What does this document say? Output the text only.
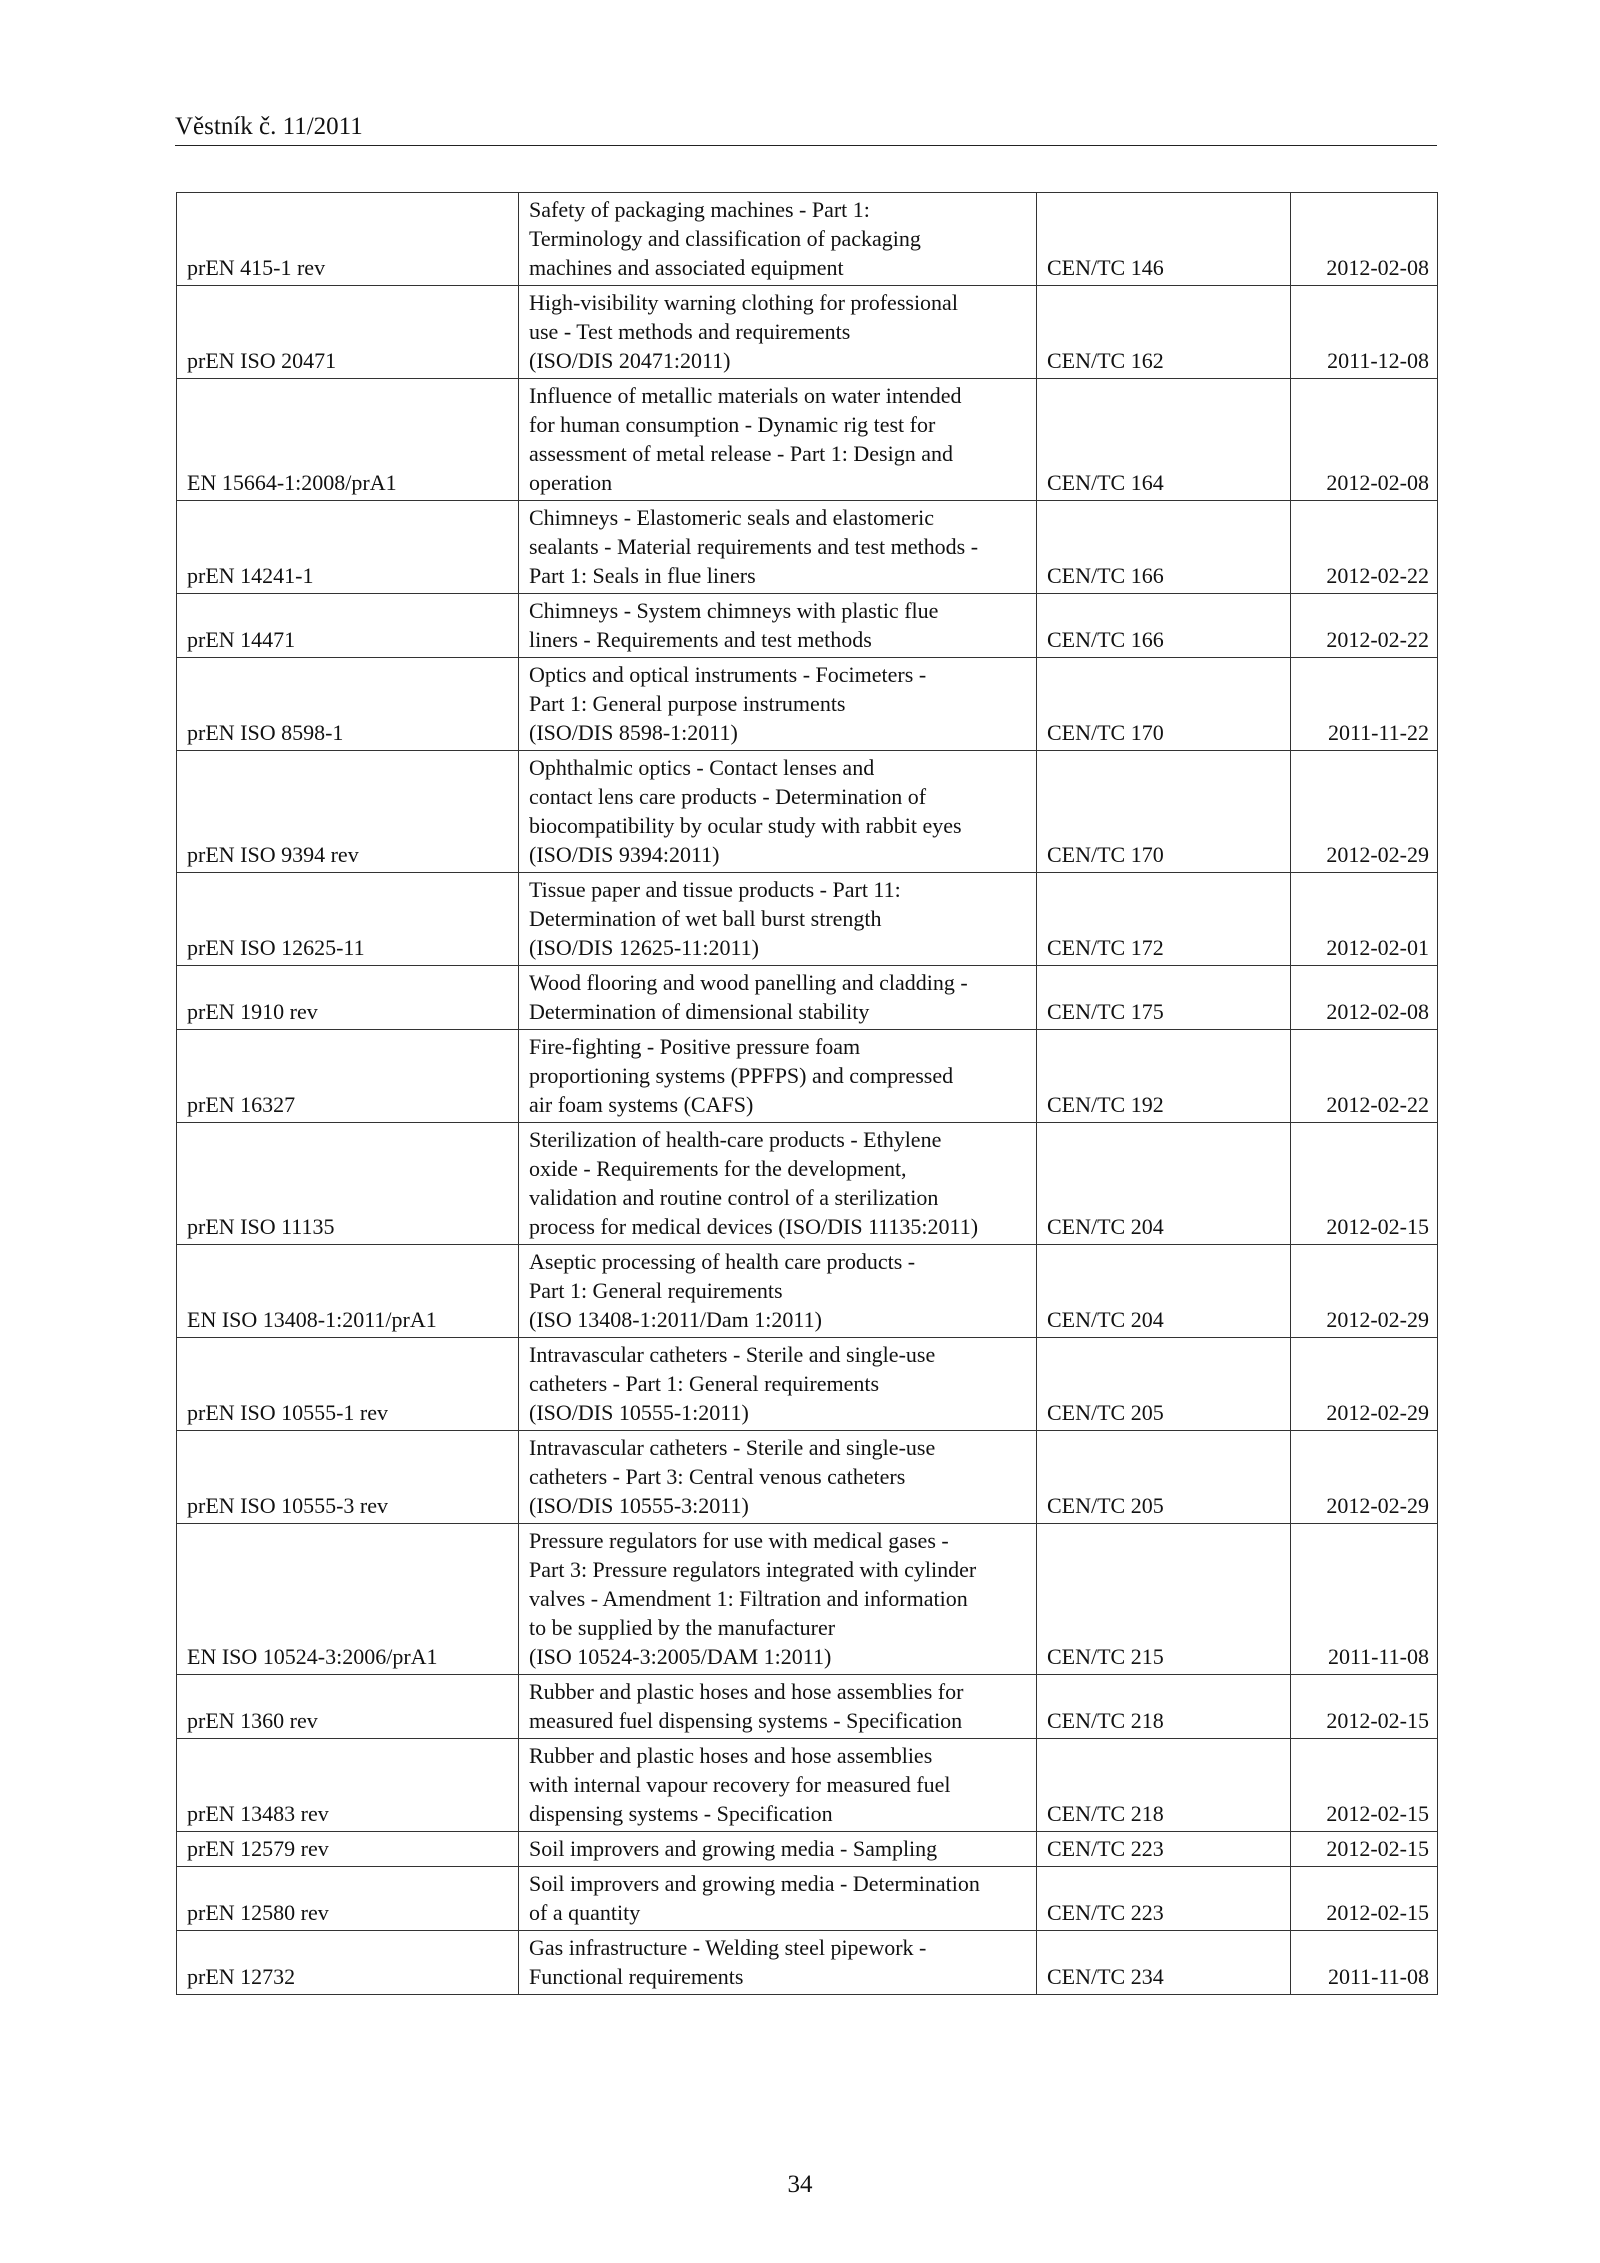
Věstník č. 11/2011
prEN 415-1 rev	Safety of packaging machines - Part 1:
Terminology and classification of packaging
machines and associated equipment	CEN/TC 146	2012-02-08
prEN ISO 20471	High-visibility warning clothing for professional
use - Test methods and requirements
(ISO/DIS 20471:2011)	CEN/TC 162	2011-12-08
EN 15664-1:2008/prA1	Influence of metallic materials on water intended
for human consumption - Dynamic rig test for
assessment of metal release - Part 1: Design and
operation	CEN/TC 164	2012-02-08
prEN 14241-1	Chimneys - Elastomeric seals and elastomeric
sealants - Material requirements and test methods -
Part 1: Seals in flue liners	CEN/TC 166	2012-02-22
prEN 14471	Chimneys - System chimneys with plastic flue
liners - Requirements and test methods	CEN/TC 166	2012-02-22
prEN ISO 8598-1	Optics and optical instruments - Focimeters -
Part 1: General purpose instruments
(ISO/DIS 8598-1:2011)	CEN/TC 170	2011-11-22
prEN ISO 9394 rev	Ophthalmic optics - Contact lenses and
contact lens care products - Determination of
biocompatibility by ocular study with rabbit eyes
(ISO/DIS 9394:2011)	CEN/TC 170	2012-02-29
prEN ISO 12625-11	Tissue paper and tissue products - Part 11:
Determination of wet ball burst strength
(ISO/DIS 12625-11:2011)	CEN/TC 172	2012-02-01
prEN 1910 rev	Wood flooring and wood panelling and cladding -
Determination of dimensional stability	CEN/TC 175	2012-02-08
prEN 16327	Fire-fighting - Positive pressure foam
proportioning systems (PPFPS) and compressed
air foam systems (CAFS)	CEN/TC 192	2012-02-22
prEN ISO 11135	Sterilization of health-care products - Ethylene
oxide - Requirements for the development,
validation and routine control of a sterilization
process for medical devices (ISO/DIS 11135:2011)	CEN/TC 204	2012-02-15
EN ISO 13408-1:2011/prA1	Aseptic processing of health care products -
Part 1: General requirements
(ISO 13408-1:2011/Dam 1:2011)	CEN/TC 204	2012-02-29
prEN ISO 10555-1 rev	Intravascular catheters - Sterile and single-use
catheters - Part 1: General requirements
(ISO/DIS 10555-1:2011)	CEN/TC 205	2012-02-29
prEN ISO 10555-3 rev	Intravascular catheters - Sterile and single-use
catheters - Part 3: Central venous catheters
(ISO/DIS 10555-3:2011)	CEN/TC 205	2012-02-29
EN ISO 10524-3:2006/prA1	Pressure regulators for use with medical gases -
Part 3: Pressure regulators integrated with cylinder
valves - Amendment 1: Filtration and information
to be supplied by the manufacturer
(ISO 10524-3:2005/DAM 1:2011)	CEN/TC 215	2011-11-08
prEN 1360 rev	Rubber and plastic hoses and hose assemblies for
measured fuel dispensing systems - Specification	CEN/TC 218	2012-02-15
prEN 13483 rev	Rubber and plastic hoses and hose assemblies
with internal vapour recovery for measured fuel
dispensing systems - Specification	CEN/TC 218	2012-02-15
prEN 12579 rev	Soil improvers and growing media - Sampling	CEN/TC 223	2012-02-15
prEN 12580 rev	Soil improvers and growing media - Determination
of a quantity	CEN/TC 223	2012-02-15
prEN 12732	Gas infrastructure - Welding steel pipework -
Functional requirements	CEN/TC 234	2011-11-08
34
